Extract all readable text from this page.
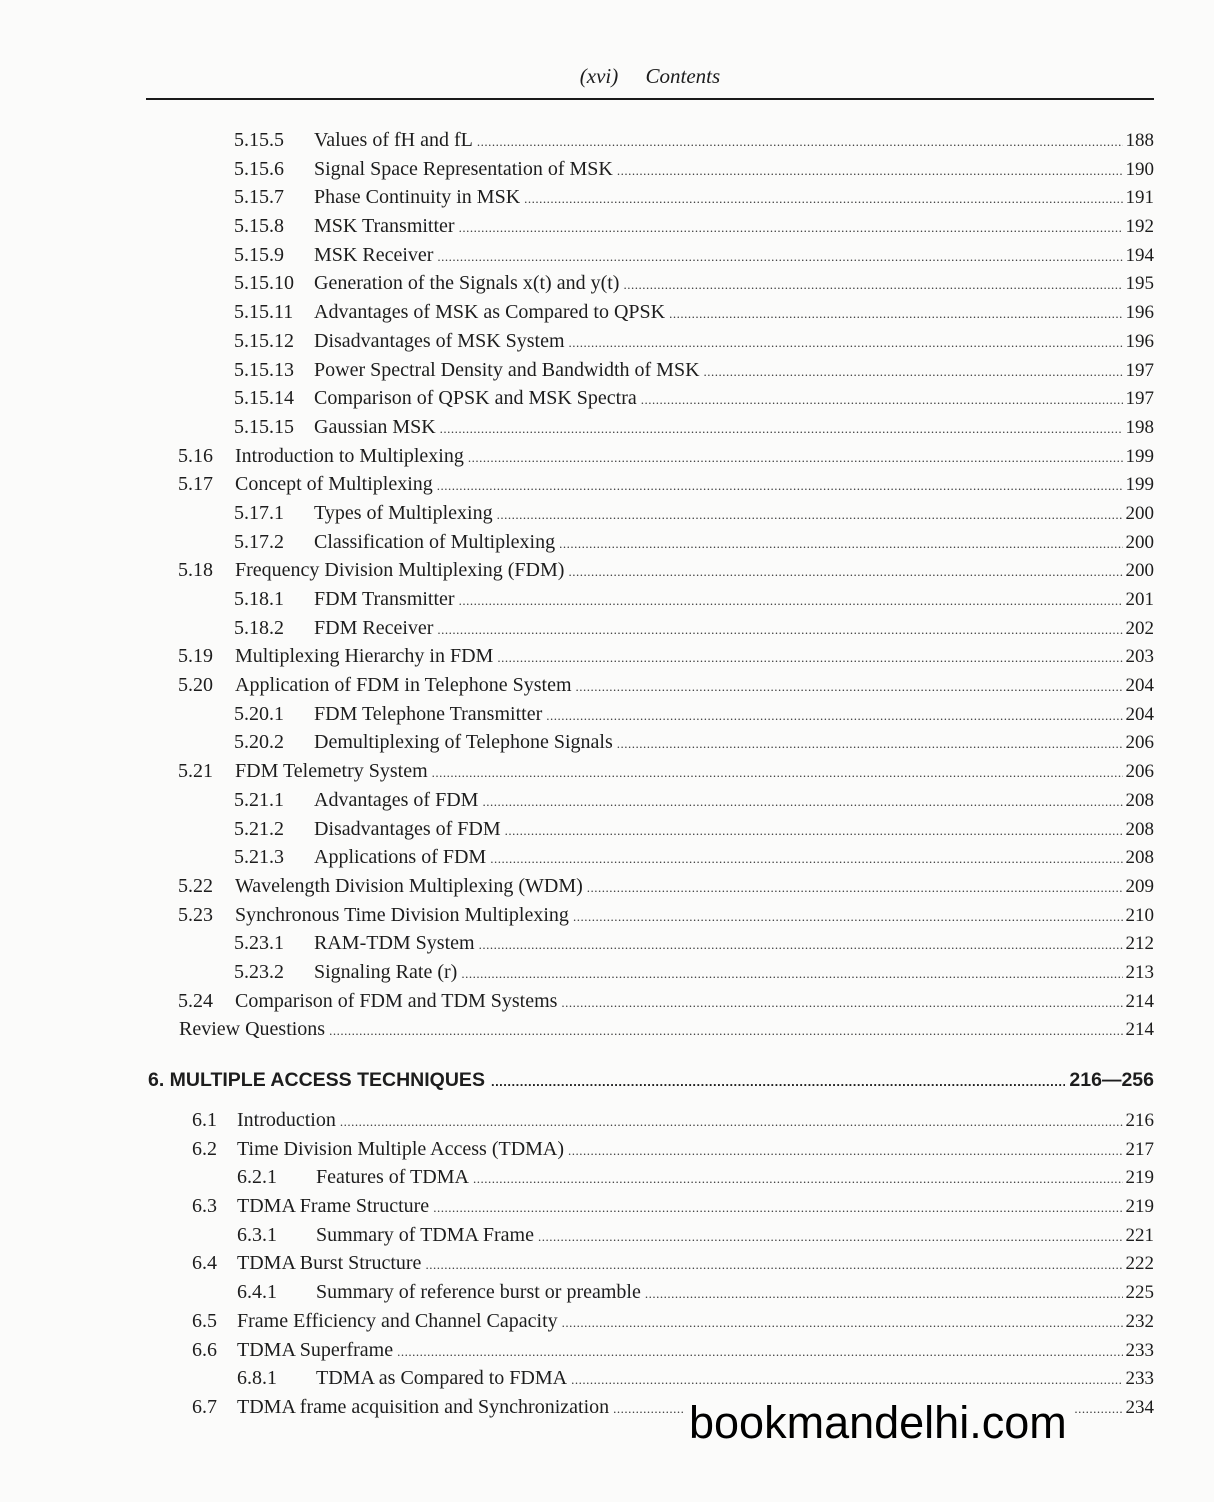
(xvi) Contents
5.15.5 Values of fH and fL .....	188
5.15.6 Signal Space Representation of MSK .....	190
5.15.7 Phase Continuity in MSK .....	191
5.15.8 MSK Transmitter .....	192
5.15.9 MSK Receiver .....	194
5.15.10 Generation of the Signals x(t) and y(t) .....	195
5.15.11 Advantages of MSK as Compared to QPSK .....	196
5.15.12 Disadvantages of MSK System .....	196
5.15.13 Power Spectral Density and Bandwidth of MSK .....	197
5.15.14 Comparison of QPSK and MSK Spectra .....	197
5.15.15 Gaussian MSK .....	198
5.16 Introduction to Multiplexing .....	199
5.17 Concept of Multiplexing .....	199
5.17.1 Types of Multiplexing .....	200
5.17.2 Classification of Multiplexing .....	200
5.18 Frequency Division Multiplexing (FDM) .....	200
5.18.1 FDM Transmitter .....	201
5.18.2 FDM Receiver .....	202
5.19 Multiplexing Hierarchy in FDM .....	203
5.20 Application of FDM in Telephone System .....	204
5.20.1 FDM Telephone Transmitter .....	204
5.20.2 Demultiplexing of Telephone Signals .....	206
5.21 FDM Telemetry System .....	206
5.21.1 Advantages of FDM .....	208
5.21.2 Disadvantages of FDM .....	208
5.21.3 Applications of FDM .....	208
5.22 Wavelength Division Multiplexing (WDM) .....	209
5.23 Synchronous Time Division Multiplexing .....	210
5.23.1 RAM-TDM System .....	212
5.23.2 Signaling Rate (r) .....	213
5.24 Comparison of FDM and TDM Systems .....	214
Review Questions .....	214
6. MULTIPLE ACCESS TECHNIQUES .....	216—256
6.1 Introduction .....	216
6.2 Time Division Multiple Access (TDMA) .....	217
6.2.1 Features of TDMA .....	219
6.3 TDMA Frame Structure .....	219
6.3.1 Summary of TDMA Frame .....	221
6.4 TDMA Burst Structure .....	222
6.4.1 Summary of reference burst or preamble .....	225
6.5 Frame Efficiency and Channel Capacity .....	232
6.6 TDMA Superframe .....	233
6.8.1 TDMA as Compared to FDMA .....	233
6.7 TDMA frame acquisition and Synchronization .....	234
bookmandelhi.com
